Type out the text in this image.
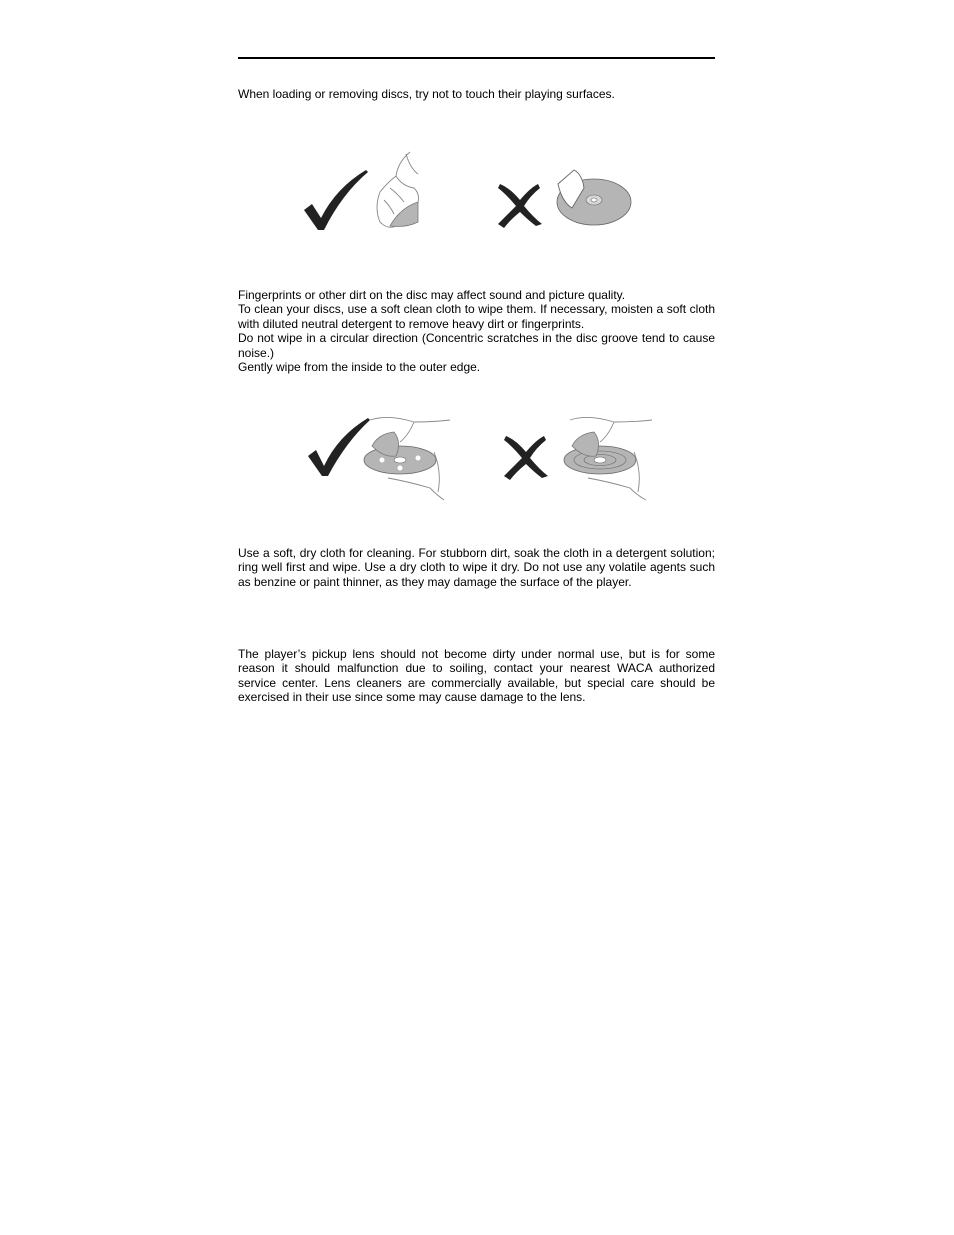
When loading or removing discs, try not to touch their playing surfaces.

Fingerprints or other dirt on the disc may affect sound and picture quality.
To clean your discs, use a soft clean cloth to wipe them. If necessary, moisten a soft cloth with diluted neutral detergent to remove heavy dirt or fingerprints.
Do not wipe in a circular direction (Concentric scratches in the disc groove tend to cause noise.)
Gently wipe from the inside to the outer edge.

Use a soft, dry cloth for cleaning. For stubborn dirt, soak the cloth in a detergent solution; ring well first and wipe. Use a dry cloth to wipe it dry. Do not use any volatile agents such as benzine or paint thinner, as they may damage the surface of the player.

The player’s pickup lens should not become dirty under normal use, but is for some reason it should malfunction due to soiling, contact your nearest WACA authorized service center. Lens cleaners are commercially available, but special care should be exercised in their use since some may cause damage to the lens.
